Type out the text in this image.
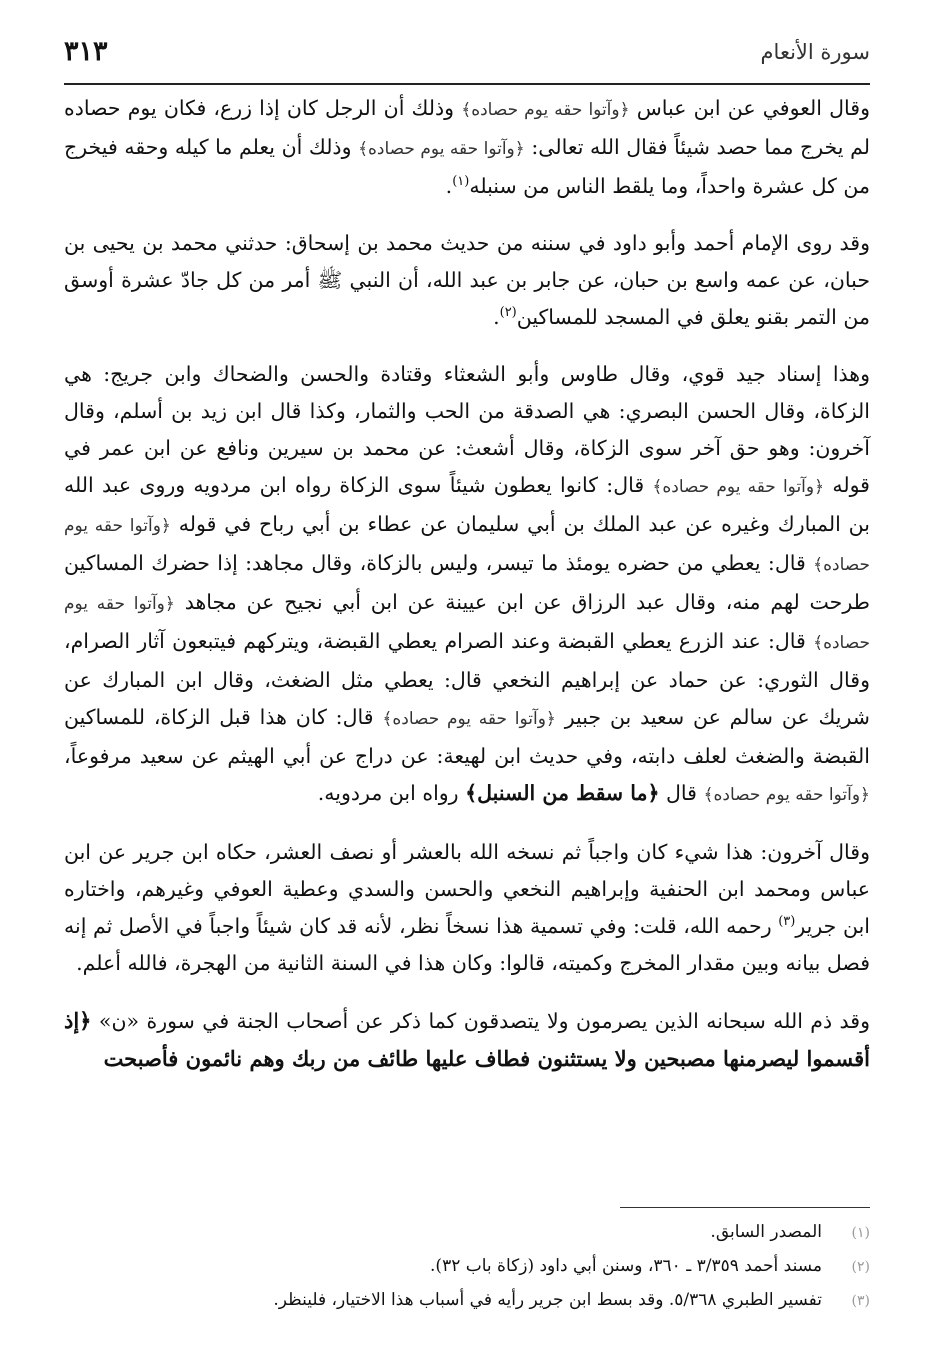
سورة الأنعام
٣١٣

وقال العوفي عن ابن عباس ﴿وآتوا حقه يوم حصاده﴾ وذلك أن الرجل كان إذا زرع، فكان يوم حصاده لم يخرج مما حصد شيئاً فقال الله تعالى: ﴿وآتوا حقه يوم حصاده﴾ وذلك أن يعلم ما كيله وحقه فيخرج من كل عشرة واحداً، وما يلقط الناس من سنبله$^{(١)}$.

وقد روى الإمام أحمد وأبو داود في سننه من حديث محمد بن إسحاق: حدثني محمد بن يحيى بن حبان، عن عمه واسع بن حبان، عن جابر بن عبد الله، أن النبي ﷺ أمر من كل جادّ عشرة أوسق من التمر بقنو يعلق في المسجد للمساكين$^{(٢)}$.

وهذا إسناد جيد قوي، وقال طاوس وأبو الشعثاء وقتادة والحسن والضحاك وابن جريج: هي الزكاة، وقال الحسن البصري: هي الصدقة من الحب والثمار، وكذا قال ابن زيد بن أسلم، وقال آخرون: وهو حق آخر سوى الزكاة، وقال أشعث: عن محمد بن سيرين ونافع عن ابن عمر في قوله ﴿وآتوا حقه يوم حصاده﴾ قال: كانوا يعطون شيئاً سوى الزكاة رواه ابن مردويه وروى عبد الله بن المبارك وغيره عن عبد الملك بن أبي سليمان عن عطاء بن أبي رباح في قوله ﴿وآتوا حقه يوم حصاده﴾ قال: يعطي من حضره يومئذ ما تيسر، وليس بالزكاة، وقال مجاهد: إذا حضرك المساكين طرحت لهم منه، وقال عبد الرزاق عن ابن عيينة عن ابن أبي نجيح عن مجاهد ﴿وآتوا حقه يوم حصاده﴾ قال: عند الزرع يعطي القبضة وعند الصرام يعطي القبضة، ويتركهم فيتبعون آثار الصرام، وقال الثوري: عن حماد عن إبراهيم النخعي قال: يعطي مثل الضغث، وقال ابن المبارك عن شريك عن سالم عن سعيد بن جبير ﴿وآتوا حقه يوم حصاده﴾ قال: كان هذا قبل الزكاة، للمساكين القبضة والضغث لعلف دابته، وفي حديث ابن لهيعة: عن دراج عن أبي الهيثم عن سعيد مرفوعاً، ﴿وآتوا حقه يوم حصاده﴾ قال ﴿ما سقط من السنبل﴾ رواه ابن مردويه.

وقال آخرون: هذا شيء كان واجباً ثم نسخه الله بالعشر أو نصف العشر، حكاه ابن جرير عن ابن عباس ومحمد ابن الحنفية وإبراهيم النخعي والحسن والسدي وعطية العوفي وغيرهم، واختاره ابن جرير$^{(٣)}$ رحمه الله، قلت: وفي تسمية هذا نسخاً نظر، لأنه قد كان شيئاً واجباً في الأصل ثم إنه فصل بيانه وبين مقدار المخرج وكميته، قالوا: وكان هذا في السنة الثانية من الهجرة، فالله أعلم.

وقد ذم الله سبحانه الذين يصرمون ولا يتصدقون كما ذكر عن أصحاب الجنة في سورة «ن» ﴿إذ أقسموا ليصرمنها مصبحين ولا يستثنون فطاف عليها طائف من ربك وهم نائمون فأصبحت

(١)
المصدر السابق.
(٢)
مسند أحمد ٣/٣٥٩ ـ ٣٦٠، وسنن أبي داود (زكاة باب ٣٢).
(٣)
تفسير الطبري ٥/٣٦٨. وقد بسط ابن جرير رأيه في أسباب هذا الاختيار، فلينظر.
